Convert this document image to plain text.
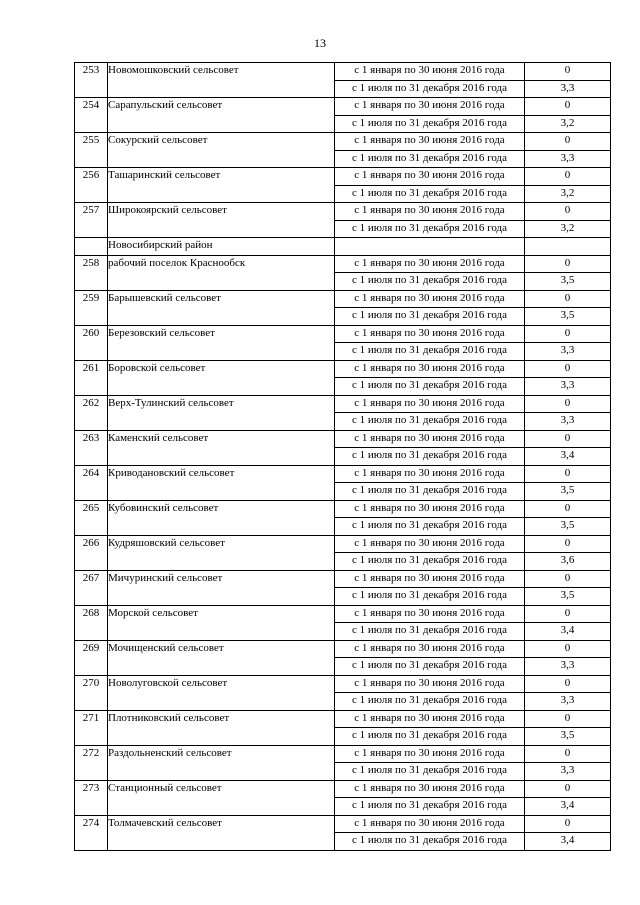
13
253	Новомошковский сельсовет	с 1 января по 30 июня 2016 года	0
		с 1 июля по 31 декабря 2016 года	3,3
254	Сарапульский сельсовет	с 1 января по 30 июня 2016 года	0
		с 1 июля по 31 декабря 2016 года	3,2
255	Сокурский сельсовет	с 1 января по 30 июня 2016 года	0
		с 1 июля по 31 декабря 2016 года	3,3
256	Ташаринский сельсовет	с 1 января по 30 июня 2016 года	0
		с 1 июля по 31 декабря 2016 года	3,2
257	Широкоярский сельсовет	с 1 января по 30 июня 2016 года	0
		с 1 июля по 31 декабря 2016 года	3,2
	Новосибирский район		
258	рабочий поселок Краснообск	с 1 января по 30 июня 2016 года	0
		с 1 июля по 31 декабря 2016 года	3,5
259	Барышевский сельсовет	с 1 января по 30 июня 2016 года	0
		с 1 июля по 31 декабря 2016 года	3,5
260	Березовский сельсовет	с 1 января по 30 июня 2016 года	0
		с 1 июля по 31 декабря 2016 года	3,3
261	Боровской сельсовет	с 1 января по 30 июня 2016 года	0
		с 1 июля по 31 декабря 2016 года	3,3
262	Верх-Тулинский сельсовет	с 1 января по 30 июня 2016 года	0
		с 1 июля по 31 декабря 2016 года	3,3
263	Каменский сельсовет	с 1 января по 30 июня 2016 года	0
		с 1 июля по 31 декабря 2016 года	3,4
264	Криводановский сельсовет	с 1 января по 30 июня 2016 года	0
		с 1 июля по 31 декабря 2016 года	3,5
265	Кубовинский сельсовет	с 1 января по 30 июня 2016 года	0
		с 1 июля по 31 декабря 2016 года	3,5
266	Кудряшовский сельсовет	с 1 января по 30 июня 2016 года	0
		с 1 июля по 31 декабря 2016 года	3,6
267	Мичуринский сельсовет	с 1 января по 30 июня 2016 года	0
		с 1 июля по 31 декабря 2016 года	3,5
268	Морской сельсовет	с 1 января по 30 июня 2016 года	0
		с 1 июля по 31 декабря 2016 года	3,4
269	Мочищенский сельсовет	с 1 января по 30 июня 2016 года	0
		с 1 июля по 31 декабря 2016 года	3,3
270	Новолуговской сельсовет	с 1 января по 30 июня 2016 года	0
		с 1 июля по 31 декабря 2016 года	3,3
271	Плотниковский сельсовет	с 1 января по 30 июня 2016 года	0
		с 1 июля по 31 декабря 2016 года	3,5
272	Раздольненский сельсовет	с 1 января по 30 июня 2016 года	0
		с 1 июля по 31 декабря 2016 года	3,3
273	Станционный сельсовет	с 1 января по 30 июня 2016 года	0
		с 1 июля по 31 декабря 2016 года	3,4
274	Толмачевский сельсовет	с 1 января по 30 июня 2016 года	0
		с 1 июля по 31 декабря 2016 года	3,4
